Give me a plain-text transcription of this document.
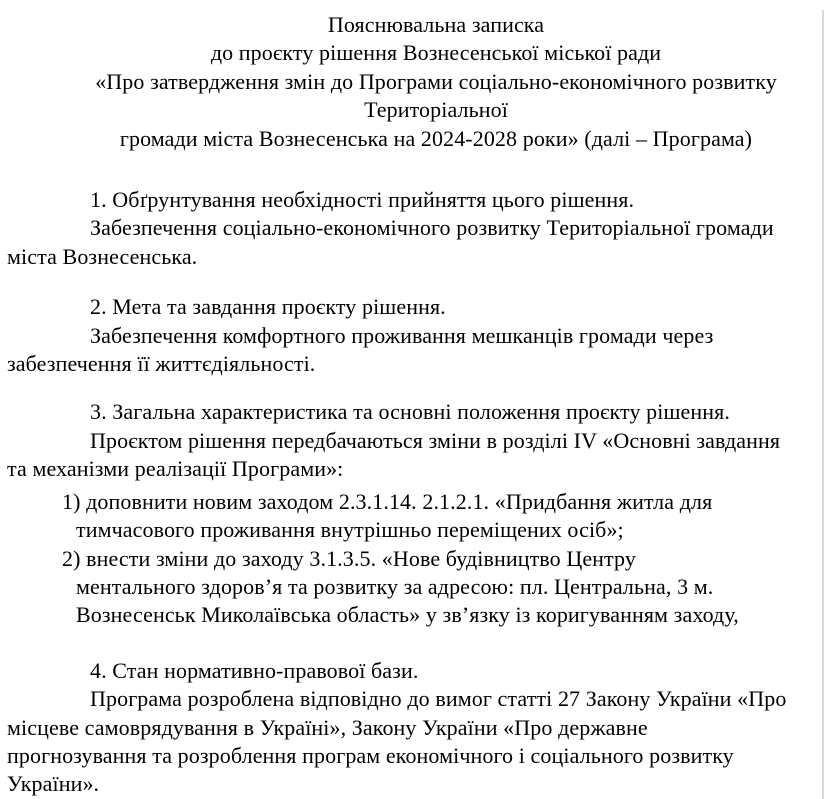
Пояснювальна записка
до проєкту рішення Вознесенської міської ради
«Про затвердження змін до Програми соціально-економічного розвитку
Територіальної
громади міста Вознесенська на 2024-2028 роки» (далі – Програма)
1. Обґрунтування необхідності прийняття цього рішення.
Забезпечення соціально-економічного розвитку Територіальної громади
міста Вознесенська.
2. Мета та завдання проєкту рішення.
Забезпечення комфортного проживання мешканців громади через
забезпечення її життєдіяльності.
3. Загальна характеристика та основні положення проєкту рішення.
Проєктом рішення передбачаються зміни в розділі IV «Основні завдання
та механізми реалізації Програми»:
1) доповнити новим заходом 2.3.1.14. 2.1.2.1. «Придбання житла для
тимчасового проживання внутрішньо переміщених осіб»;
2) внести зміни до заходу 3.1.3.5. «Нове будівництво Центру
ментального здоров’я та розвитку за адресою: пл. Центральна, 3 м.
Вознесенськ Миколаївська область» у зв’язку із коригуванням заходу,
4. Стан нормативно-правової бази.
Програма розроблена відповідно до вимог статті 27 Закону України «Про
місцеве самоврядування в Україні», Закону України «Про державне
прогнозування та розроблення програм економічного і соціального розвитку
України».
